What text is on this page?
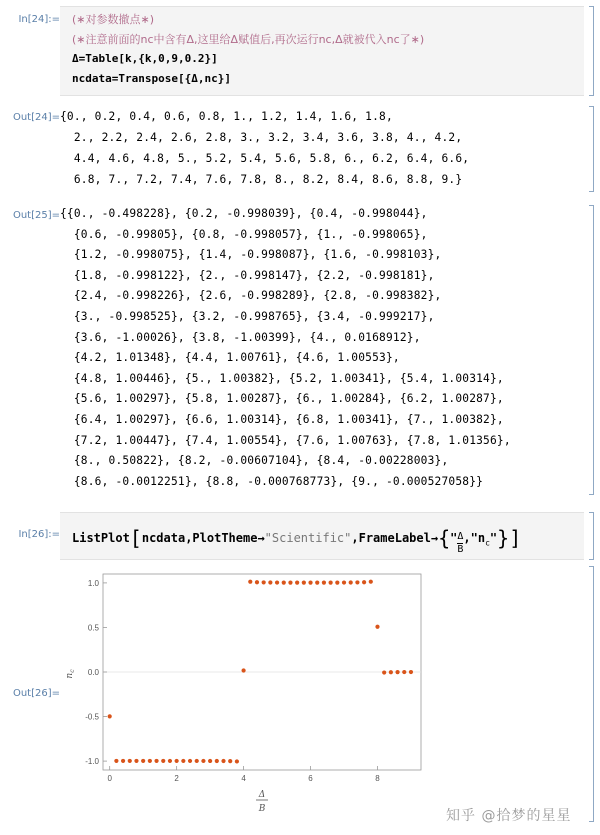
In[24]:= (∗对参数撤点∗)
(∗注意前面的nc中含有Δ,这里给Δ赋值后,再次运行nc,Δ就被代入nc了∗)
Δ=Table[k,{k,0,9,0.2}]
ncdata=Transpose[{Δ,nc}]
Out[24]= {0., 0.2, 0.4, 0.6, 0.8, 1., 1.2, 1.4, 1.6, 1.8,
2., 2.2, 2.4, 2.6, 2.8, 3., 3.2, 3.4, 3.6, 3.8, 4., 4.2,
4.4, 4.6, 4.8, 5., 5.2, 5.4, 5.6, 5.8, 6., 6.2, 6.4, 6.6,
6.8, 7., 7.2, 7.4, 7.6, 7.8, 8., 8.2, 8.4, 8.6, 8.8, 9.}
Out[25]= {{0., -0.498228}, {0.2, -0.998039}, {0.4, -0.998044},
{0.6, -0.99805}, {0.8, -0.998057}, {1., -0.998065},
{1.2, -0.998075}, {1.4, -0.998087}, {1.6, -0.998103},
{1.8, -0.998122}, {2., -0.998147}, {2.2, -0.998181},
{2.4, -0.998226}, {2.6, -0.998289}, {2.8, -0.998382},
{3., -0.998525}, {3.2, -0.998765}, {3.4, -0.999217},
{3.6, -1.00026}, {3.8, -1.00399}, {4., 0.0168912},
{4.2, 1.01348}, {4.4, 1.00761}, {4.6, 1.00553},
{4.8, 1.00446}, {5., 1.00382}, {5.2, 1.00341}, {5.4, 1.00314},
{5.6, 1.00297}, {5.8, 1.00287}, {6., 1.00284}, {6.2, 1.00287},
{6.4, 1.00297}, {6.6, 1.00314}, {6.8, 1.00341}, {7., 1.00382},
{7.2, 1.00447}, {7.4, 1.00554}, {7.6, 1.00763}, {7.8, 1.01356},
{8., 0.50822}, {8.2, -0.00607104}, {8.4, -0.00228003},
{8.6, -0.0012251}, {8.8, -0.000768773}, {9., -0.000527058}}
In[26]:= ListPlot[ncdata,PlotTheme→"Scientific",FrameLabel→{" $\frac{\Delta}{B}$ $,"n_c$"}]
Out[26]=
0	2	4	6	8
-1.0
-0.5
0.0
0.5
1.0
Δ
B
$n_c$
知乎 @拾梦的星星
